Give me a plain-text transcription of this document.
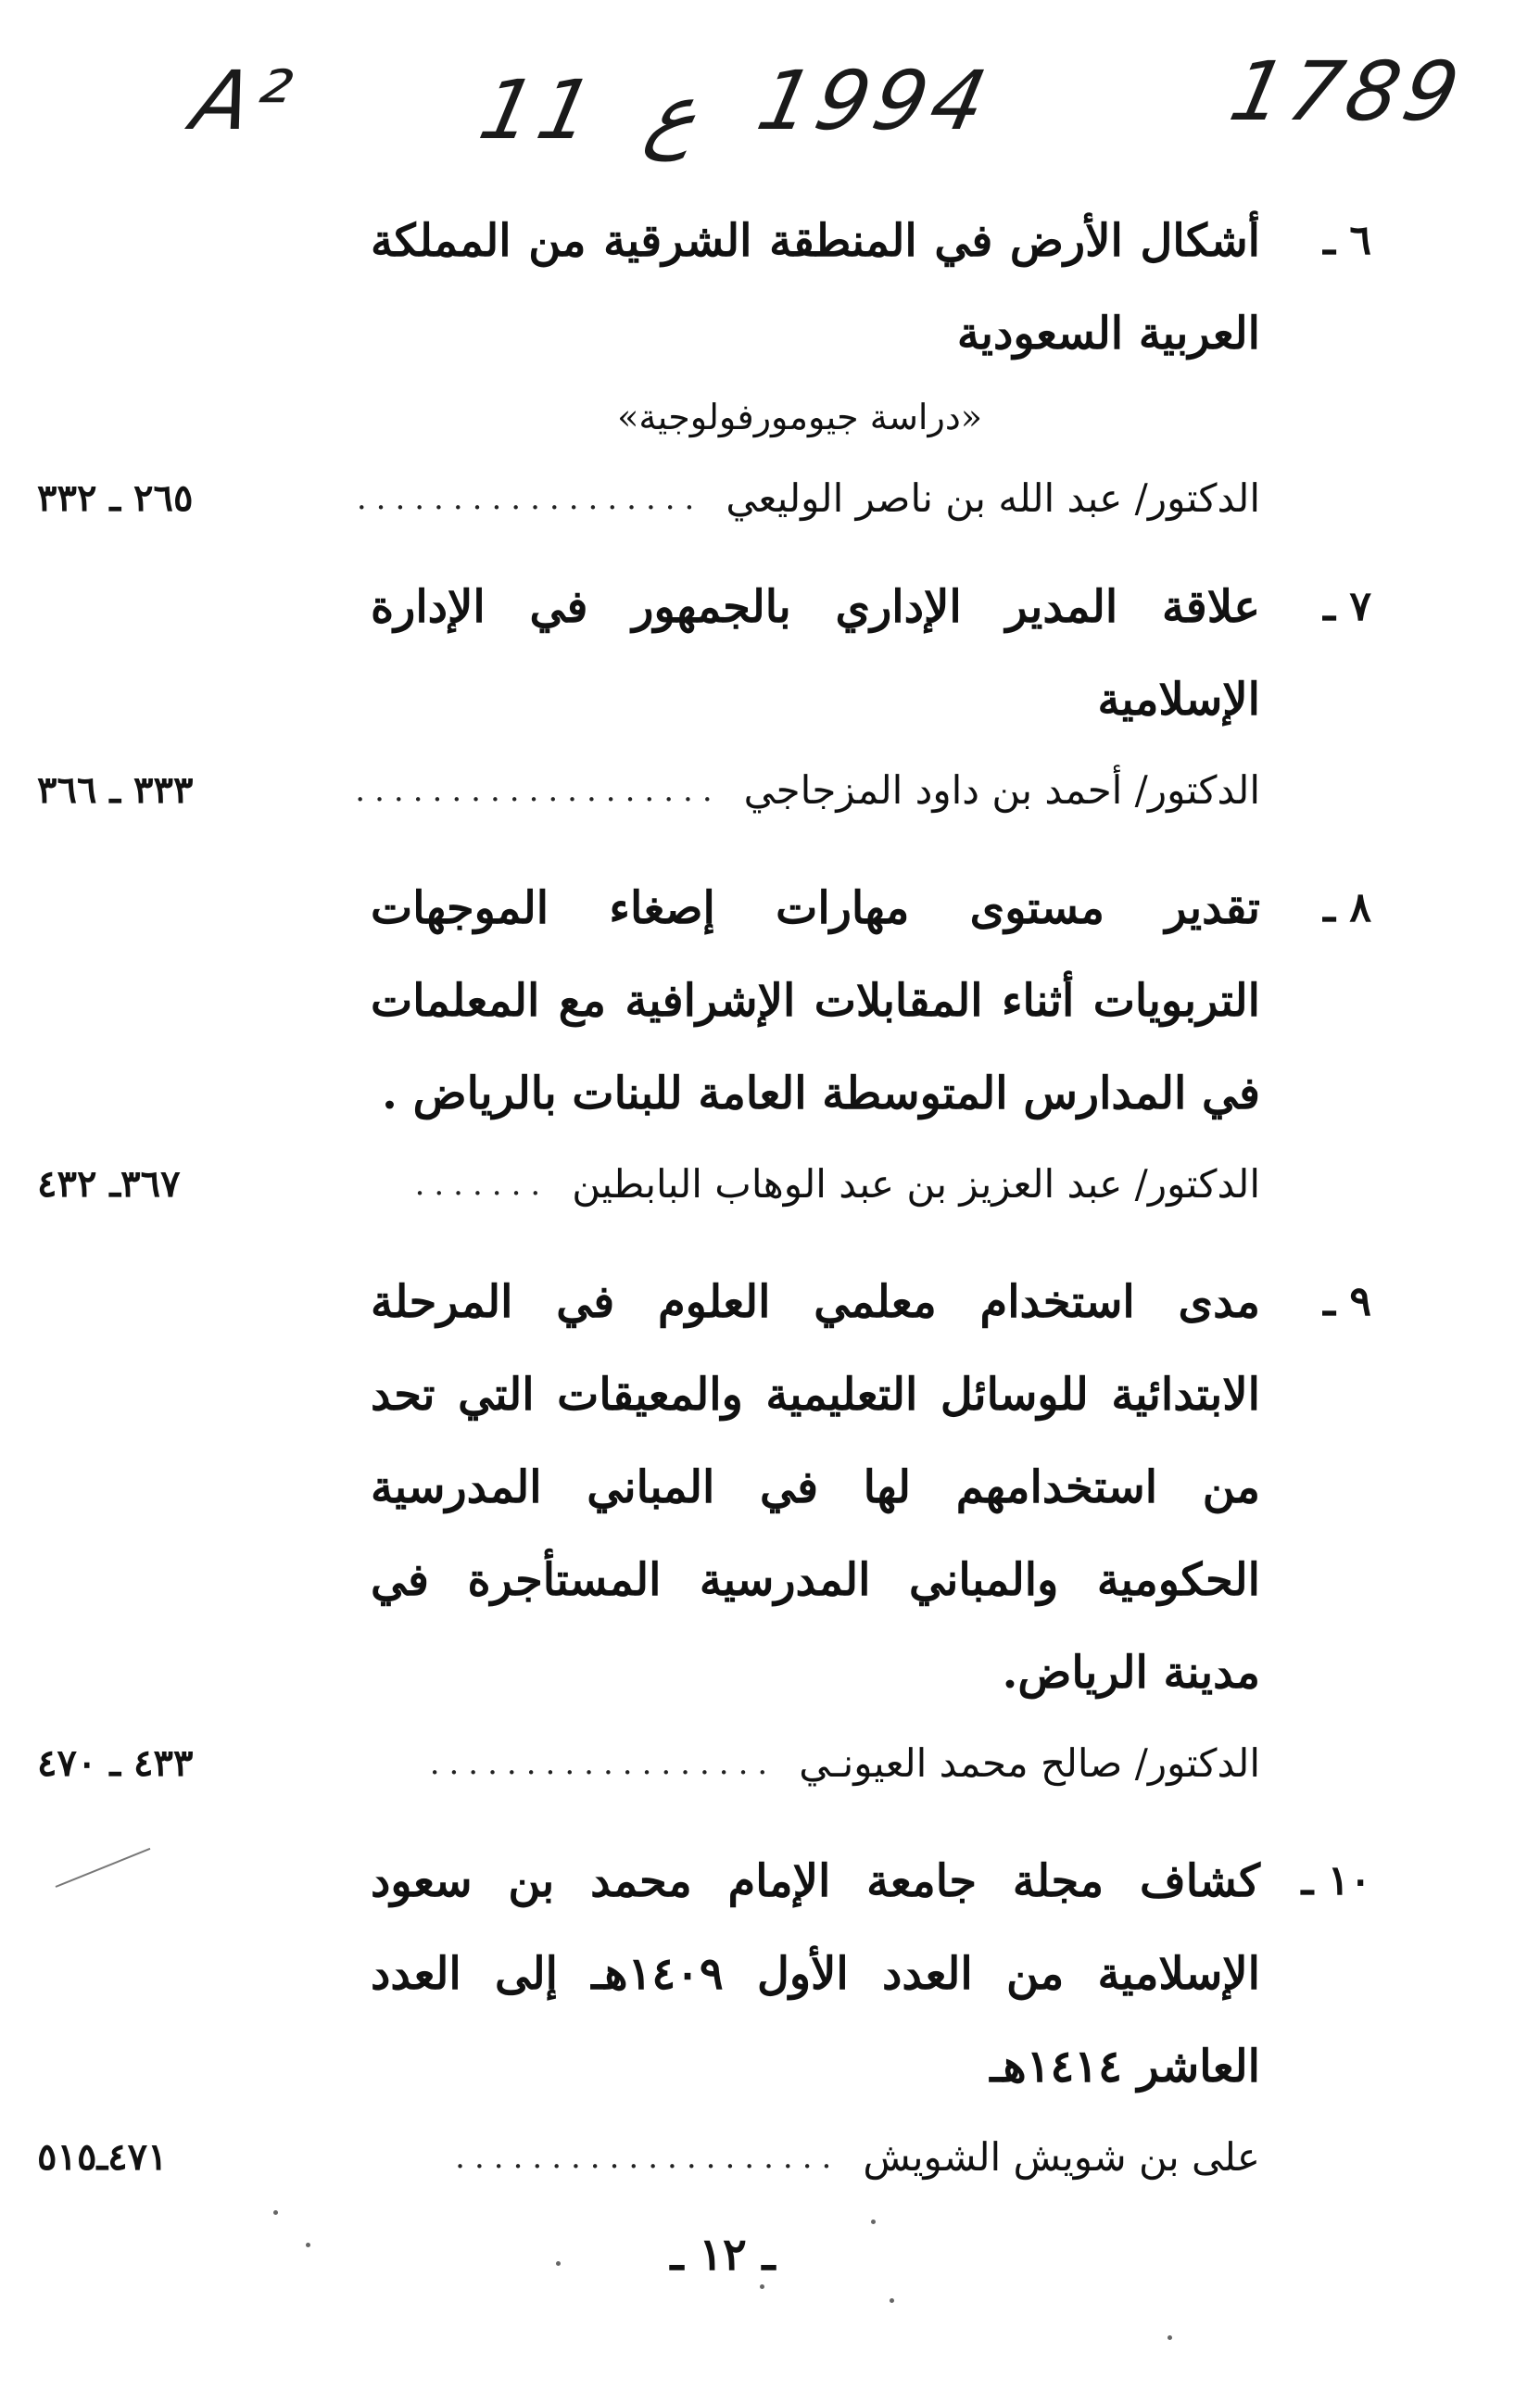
A² 11 ع 1994	1789
٦ ـ
أشكال الأرض في المنطقة الشرقية من المملكة العربية السعودية
«دراسة جيومورفولوجية»
الدكتور/ عبد الله بن ناصر الوليعي
..................
٢٦٥ ـ ٣٣٢
٧ ـ
علاقة المدير الإداري بالجمهور في الإدارة الإسلامية
الدكتور/ أحمد بن داود المزجاجي
...................
٣٣٣ ـ ٣٦٦
٨ ـ
تقدير مستوى مهارات إصغاء الموجهات التربويات أثناء المقابلات الإشرافية مع المعلمات في المدارس المتوسطة العامة للبنات بالرياض .
الدكتور/ عبد العزيز بن عبد الوهاب البابطين
.......
٣٦٧ـ ٤٣٢
٩ ـ
مدى استخدام معلمي العلوم في المرحلة الابتدائية للوسائل التعليمية والمعيقات التي تحد من استخدامهم لها في المباني المدرسية الحكومية والمباني المدرسية المستأجرة في مدينة الرياض.
الدكتور/ صالح محمد العيونـي
..................
٤٣٣ ـ ٤٧٠
١٠ ـ
كشاف مجلة جامعة الإمام محمد بن سعود الإسلامية من العدد الأول ١٤٠٩هـ إلى العدد العاشر ١٤١٤هـ
على بن شويش الشويش
....................
٤٧١ـ٥١٥
ـ ١٢ ـ
